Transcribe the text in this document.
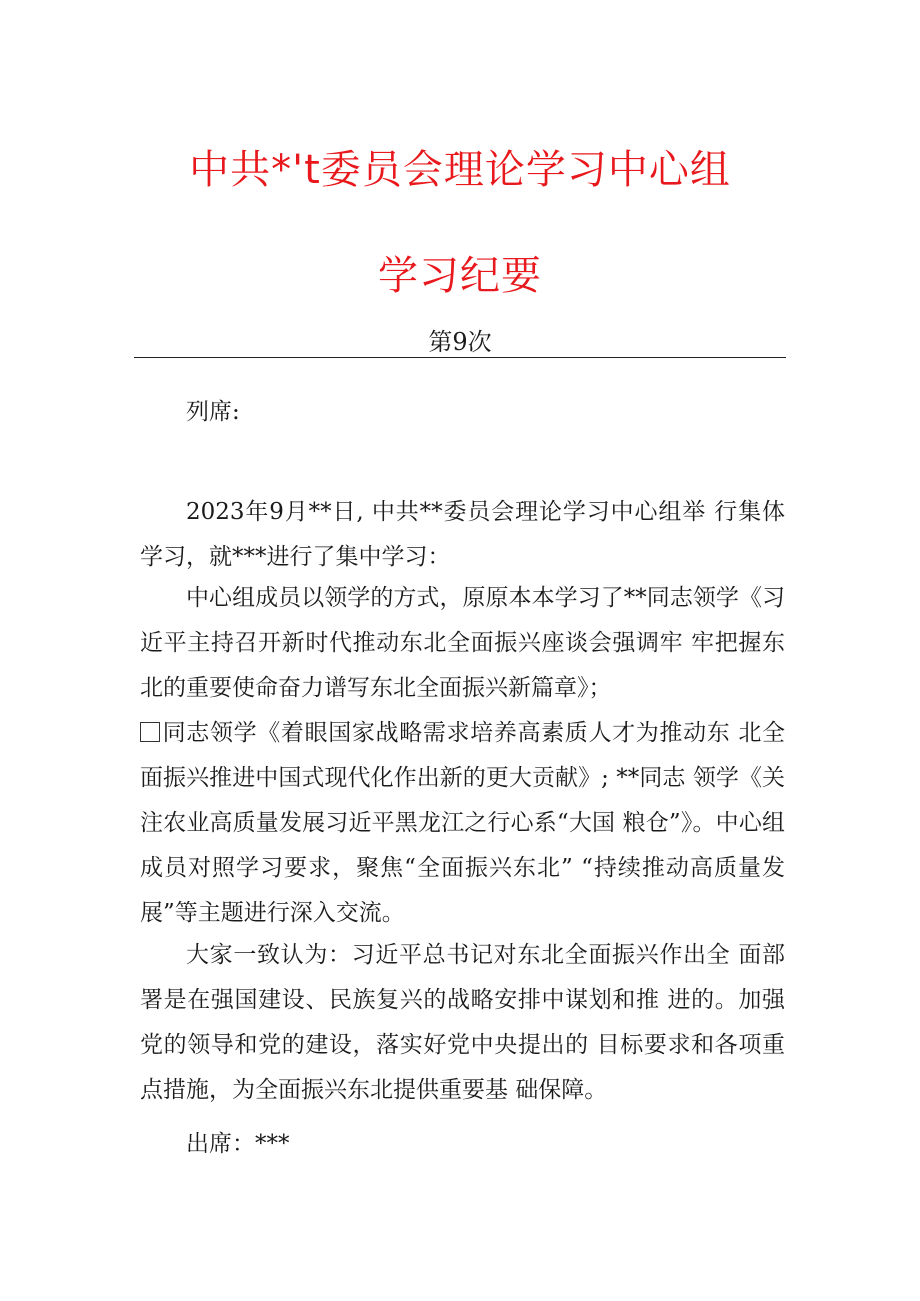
中共*'t委员会理论学习中心组
学习纪要
第9次
列席:
2023年9月**日, 中共**委员会理论学习中心组举 行集体学习，就***进行了集中学习：
中心组成员以领学的方式，原原本本学习了**同志领学《习近平主持召开新时代推动东北全面振兴座谈会强调牢 牢把握东北的重要使命奋力谱写东北全面振兴新篇章》；
同志领学《着眼国家战略需求培养高素质人才为推动东 北全面振兴推进中国式现代化作出新的更大贡献》; **同志 领学《关注农业高质量发展习近平黑龙江之行心系“大国 粮仓”》。中心组成员对照学习要求，聚焦“全面振兴东北” “持续推动高质量发展”等主题进行深入交流。
大家一致认为：习近平总书记对东北全面振兴作出全 面部署是在强国建设、民族复兴的战略安排中谋划和推 进的。加强党的领导和党的建设，落实好党中央提出的 目标要求和各项重点措施，为全面振兴东北提供重要基 础保障。
出席：***
